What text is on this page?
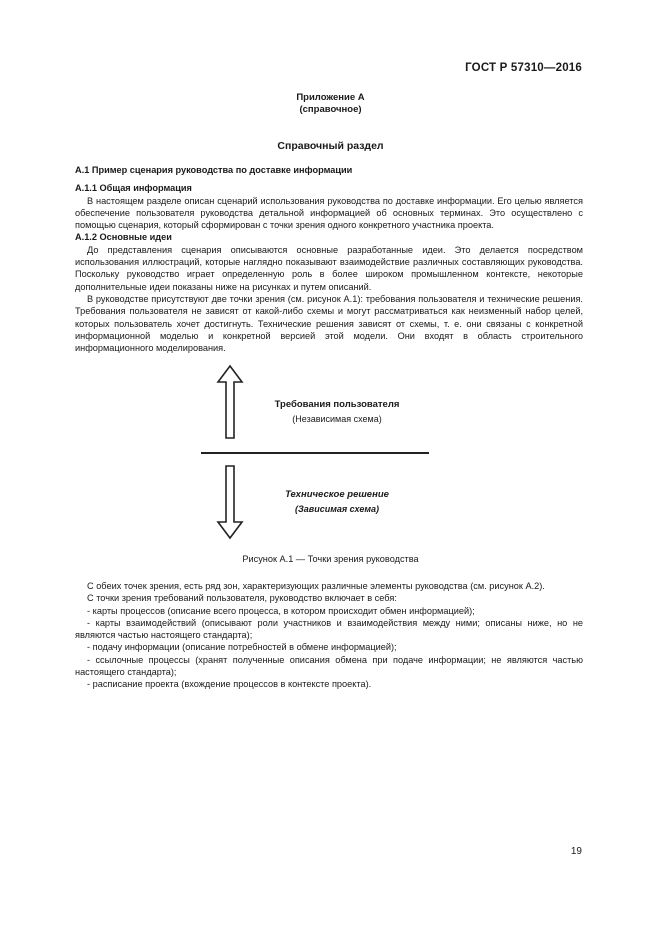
ГОСТ Р 57310—2016
Приложение А
(справочное)
Справочный раздел

А.1 Пример сценария руководства по доставке информации

А.1.1 Общая информация

В настоящем разделе описан сценарий использования руководства по доставке информации. Его целью является обеспечение пользователя руководства детальной информацией об основных терминах. Это осуществлено с помощью сценария, который сформирован с точки зрения одного конкретного участника проекта.

А.1.2 Основные идеи

До представления сценария описываются основные разработанные идеи. Это делается посредством использования иллюстраций, которые наглядно показывают взаимодействие различных составляющих руководства. Поскольку руководство играет определенную роль в более широком промышленном контексте, некоторые дополнительные идеи показаны ниже на рисунках и путем описаний.

В руководстве присутствуют две точки зрения (см. рисунок А.1): требования пользователя и технические решения. Требования пользователя не зависят от какой-либо схемы и могут рассматриваться как неизменный набор целей, которых пользователь хочет достигнуть. Технические решения зависят от схемы, т. е. они связаны с конкретной информационной моделью и конкретной версией этой модели. Они входят в область строительного информационного моделирования.

Требования пользователя
(Независимая схема)
Техническое решение
(Зависимая схема)
Рисунок А.1 — Точки зрения руководства

С обеих точек зрения, есть ряд зон, характеризующих различные элементы руководства (см. рисунок А.2).

С точки зрения требований пользователя, руководство включает в себя:

- карты процессов (описание всего процесса, в котором происходит обмен информацией);

- карты взаимодействий (описывают роли участников и взаимодействия между ними; описаны ниже, но не являются частью настоящего стандарта);

- подачу информации (описание потребностей в обмене информацией);

- ссылочные процессы (хранят полученные описания обмена при подаче информации; не являются частью настоящего стандарта);

- расписание проекта (вхождение процессов в контексте проекта).

19
